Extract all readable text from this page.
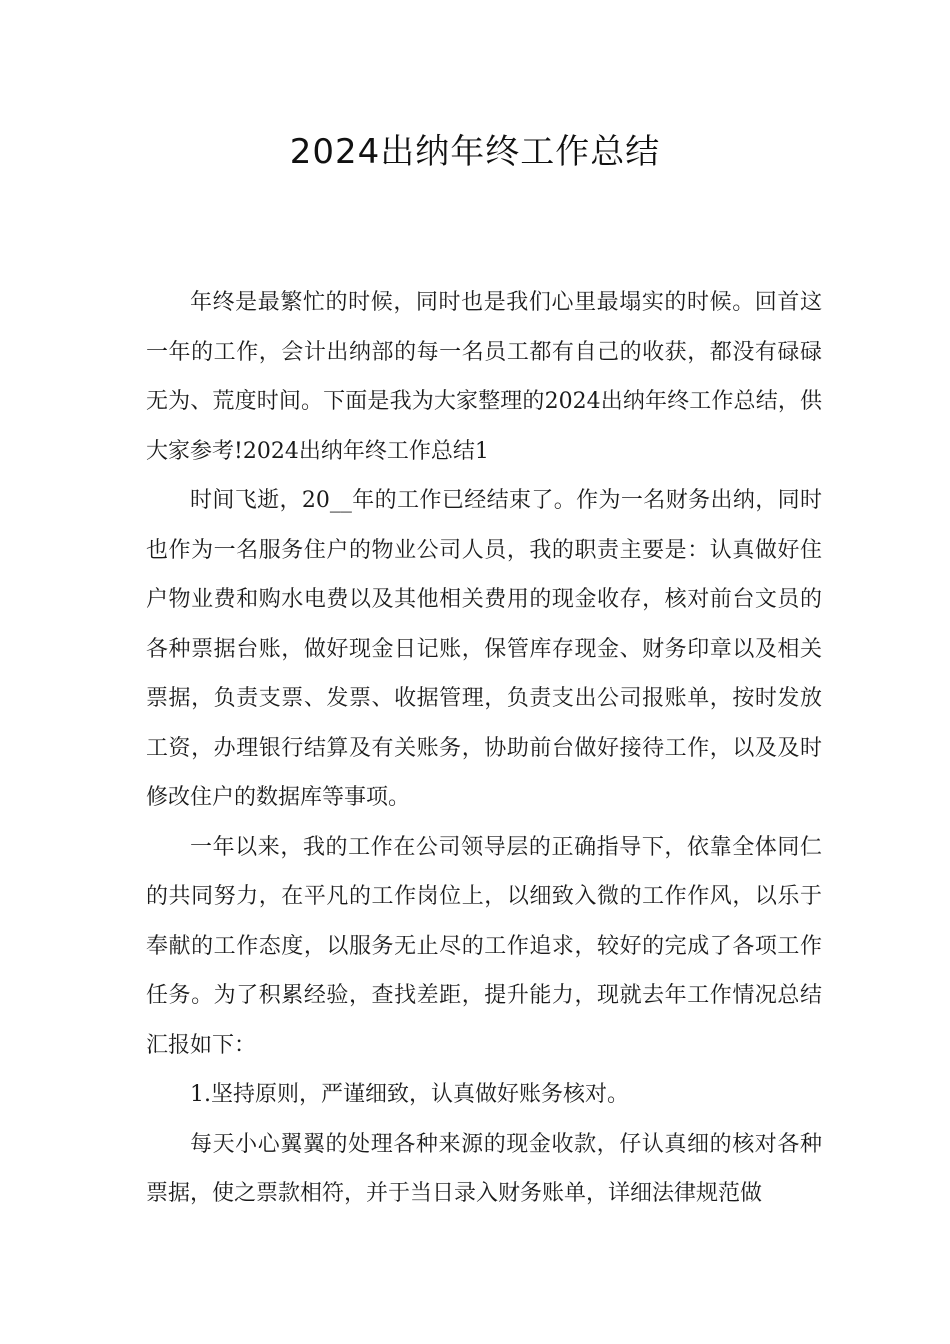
2024出纳年终工作总结

年终是最繁忙的时候，同时也是我们心里最塌实的时候。回首这一年的工作，会计出纳部的每一名员工都有自己的收获，都没有碌碌无为、荒度时间。下面是我为大家整理的2024出纳年终工作总结，供大家参考!2024出纳年终工作总结1

时间飞逝，20__年的工作已经结束了。作为一名财务出纳，同时也作为一名服务住户的物业公司人员，我的职责主要是：认真做好住户物业费和购水电费以及其他相关费用的现金收存，核对前台文员的各种票据台账，做好现金日记账，保管库存现金、财务印章以及相关票据，负责支票、发票、收据管理，负责支出公司报账单，按时发放工资，办理银行结算及有关账务，协助前台做好接待工作，以及及时修改住户的数据库等事项。

一年以来，我的工作在公司领导层的正确指导下，依靠全体同仁的共同努力，在平凡的工作岗位上，以细致入微的工作作风，以乐于奉献的工作态度，以服务无止尽的工作追求，较好的完成了各项工作任务。为了积累经验，查找差距，提升能力，现就去年工作情况总结汇报如下：

1.坚持原则，严谨细致，认真做好账务核对。

每天小心翼翼的处理各种来源的现金收款，仔认真细的核对各种票据，使之票款相符，并于当日录入财务账单，详细法律规范做
